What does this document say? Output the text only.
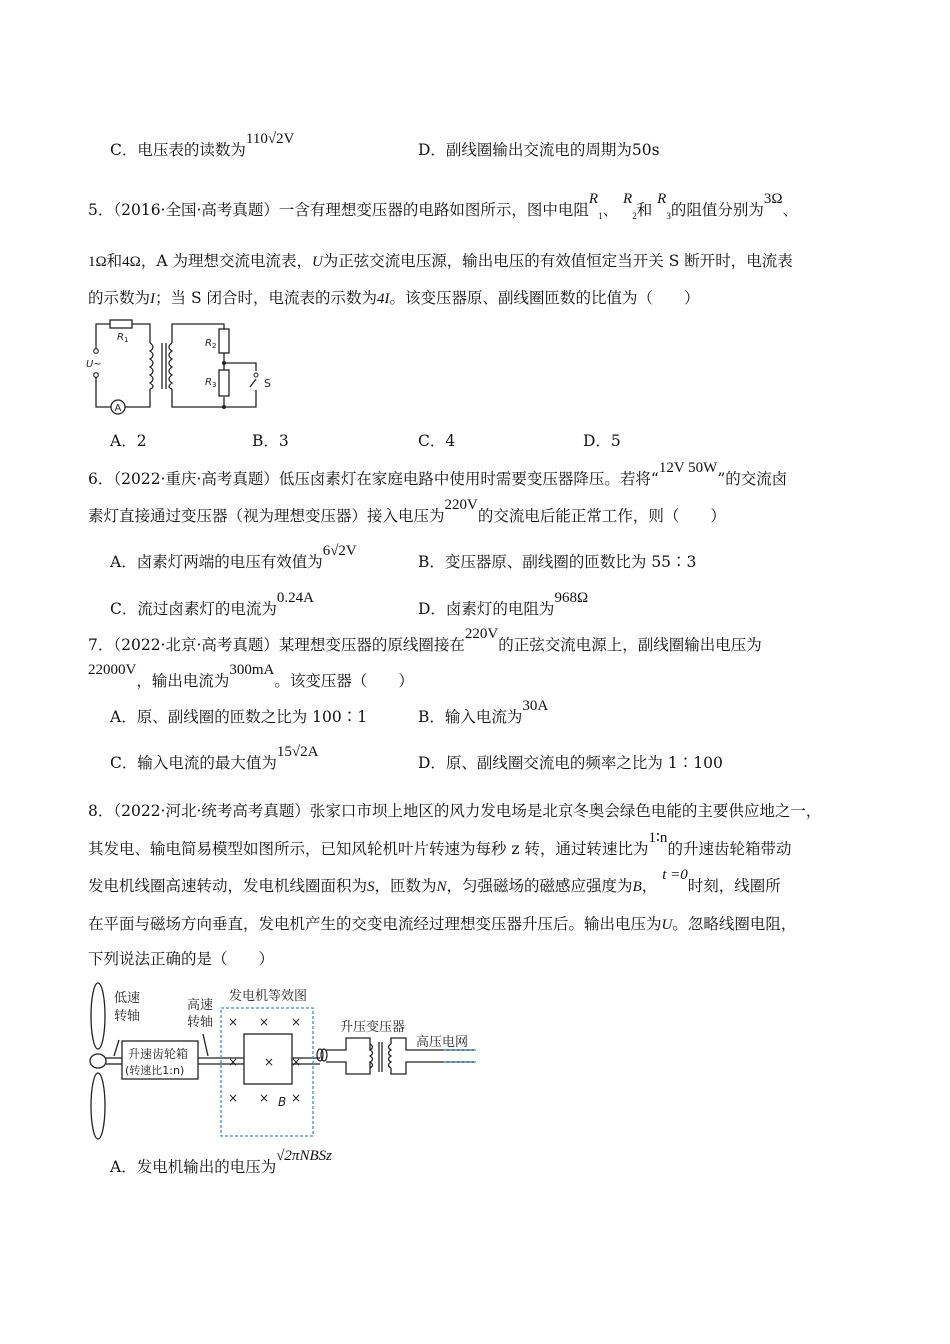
C．电压表的读数为110√2V
D．副线圈输出交流电的周期为50s
5．（2016·全国·高考真题）一含有理想变压器的电路如图所示，图中电阻$R_1$、 $R_2$和 $R_3$的阻值分别为3Ω、
1Ω和4Ω，A 为理想交流电流表，U为正弦交流电压源，输出电压的有效值恒定当开关 S 断开时，电流表
的示数为I；当 S 闭合时，电流表的示数为4I。该变压器原、副线圈匝数的比值为（　　）
A
R 1	R 2
R 3
U~
S
A．2	B．3	C．4	D．5
6．（2022·重庆·高考真题）低压卤素灯在家庭电路中使用时需要变压器降压。若将“12V 50W”的交流卤
素灯直接通过变压器（视为理想变压器）接入电压为220V的交流电后能正常工作，则（　　）
A．卤素灯两端的电压有效值为6√2V
B．变压器原、副线圈的匝数比为 55∶3
C．流过卤素灯的电流为0.24A
D．卤素灯的电阻为968Ω
7．（2022·北京·高考真题）某理想变压器的原线圈接在220V的正弦交流电源上，副线圈输出电压为
22000V，输出电流为300mA。该变压器（　　）
A．原、副线圈的匝数之比为 100∶1	B．输入电流为30A
C．输入电流的最大值为15√2A
D．原、副线圈交流电的频率之比为 1∶100
8．（2022·河北·统考高考真题）张家口市坝上地区的风力发电场是北京冬奥会绿色电能的主要供应地之一，
其发电、输电简易模型如图所示，已知风轮机叶片转速为每秒 z 转，通过转速比为1∶n的升速齿轮箱带动
发电机线圈高速转动，发电机线圈面积为S，匝数为N，匀强磁场的磁感应强度为B， t =0时刻，线圈所
在平面与磁场方向垂直，发电机产生的交变电流经过理想变压器升压后。输出电压为U。忽略线圈电阻，
下列说法正确的是（　　）
× × ×
× × ×
× × ×
B
低速
转轴
高速
转轴
发电机等效图
升速齿轮箱
(转速比1:n)
升压变压器
高压电网
A．发电机输出的电压为√2πNBSz
